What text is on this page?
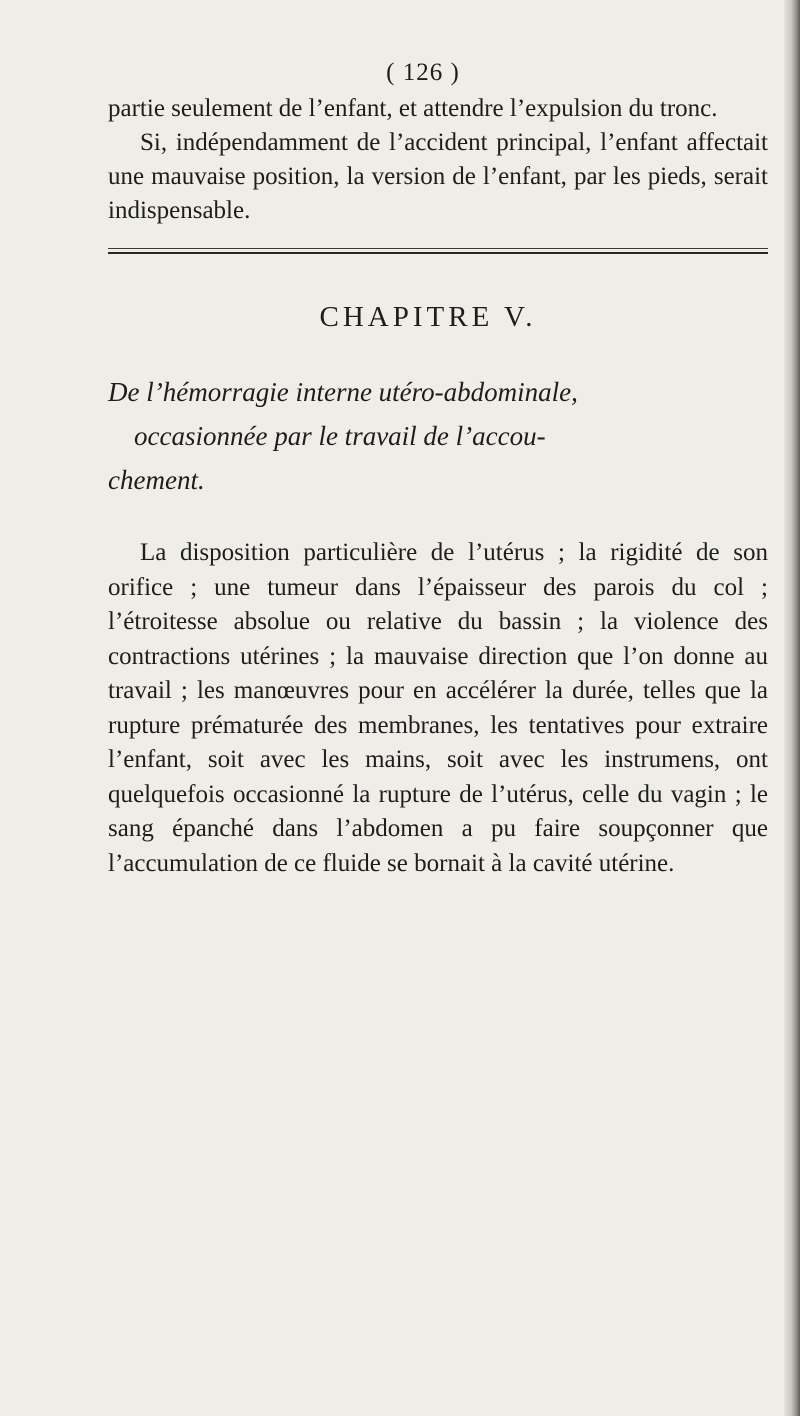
( 126 )

partie seulement de l’enfant, et attendre l’expulsion du tronc.

Si, indépendamment de l’accident principal, l’enfant affectait une mauvaise position, la version de l’enfant, par les pieds, serait indispensable.

CHAPITRE V.
De l’hémorragie interne utéro-abdominale,
occasionnée par le travail de l’accou-
chement.

La disposition particulière de l’utérus ; la rigidité de son orifice ; une tumeur dans l’épaisseur des parois du col ; l’étroitesse absolue ou relative du bassin ; la violence des contractions utérines ; la mauvaise direction que l’on donne au travail ; les manœuvres pour en accélérer la durée, telles que la rupture prématurée des membranes, les tentatives pour extraire l’enfant, soit avec les mains, soit avec les instrumens, ont quelquefois occasionné la rupture de l’utérus, celle du vagin ; le sang épanché dans l’abdomen a pu faire soupçonner que l’accumulation de ce fluide se bornait à la cavité utérine.
